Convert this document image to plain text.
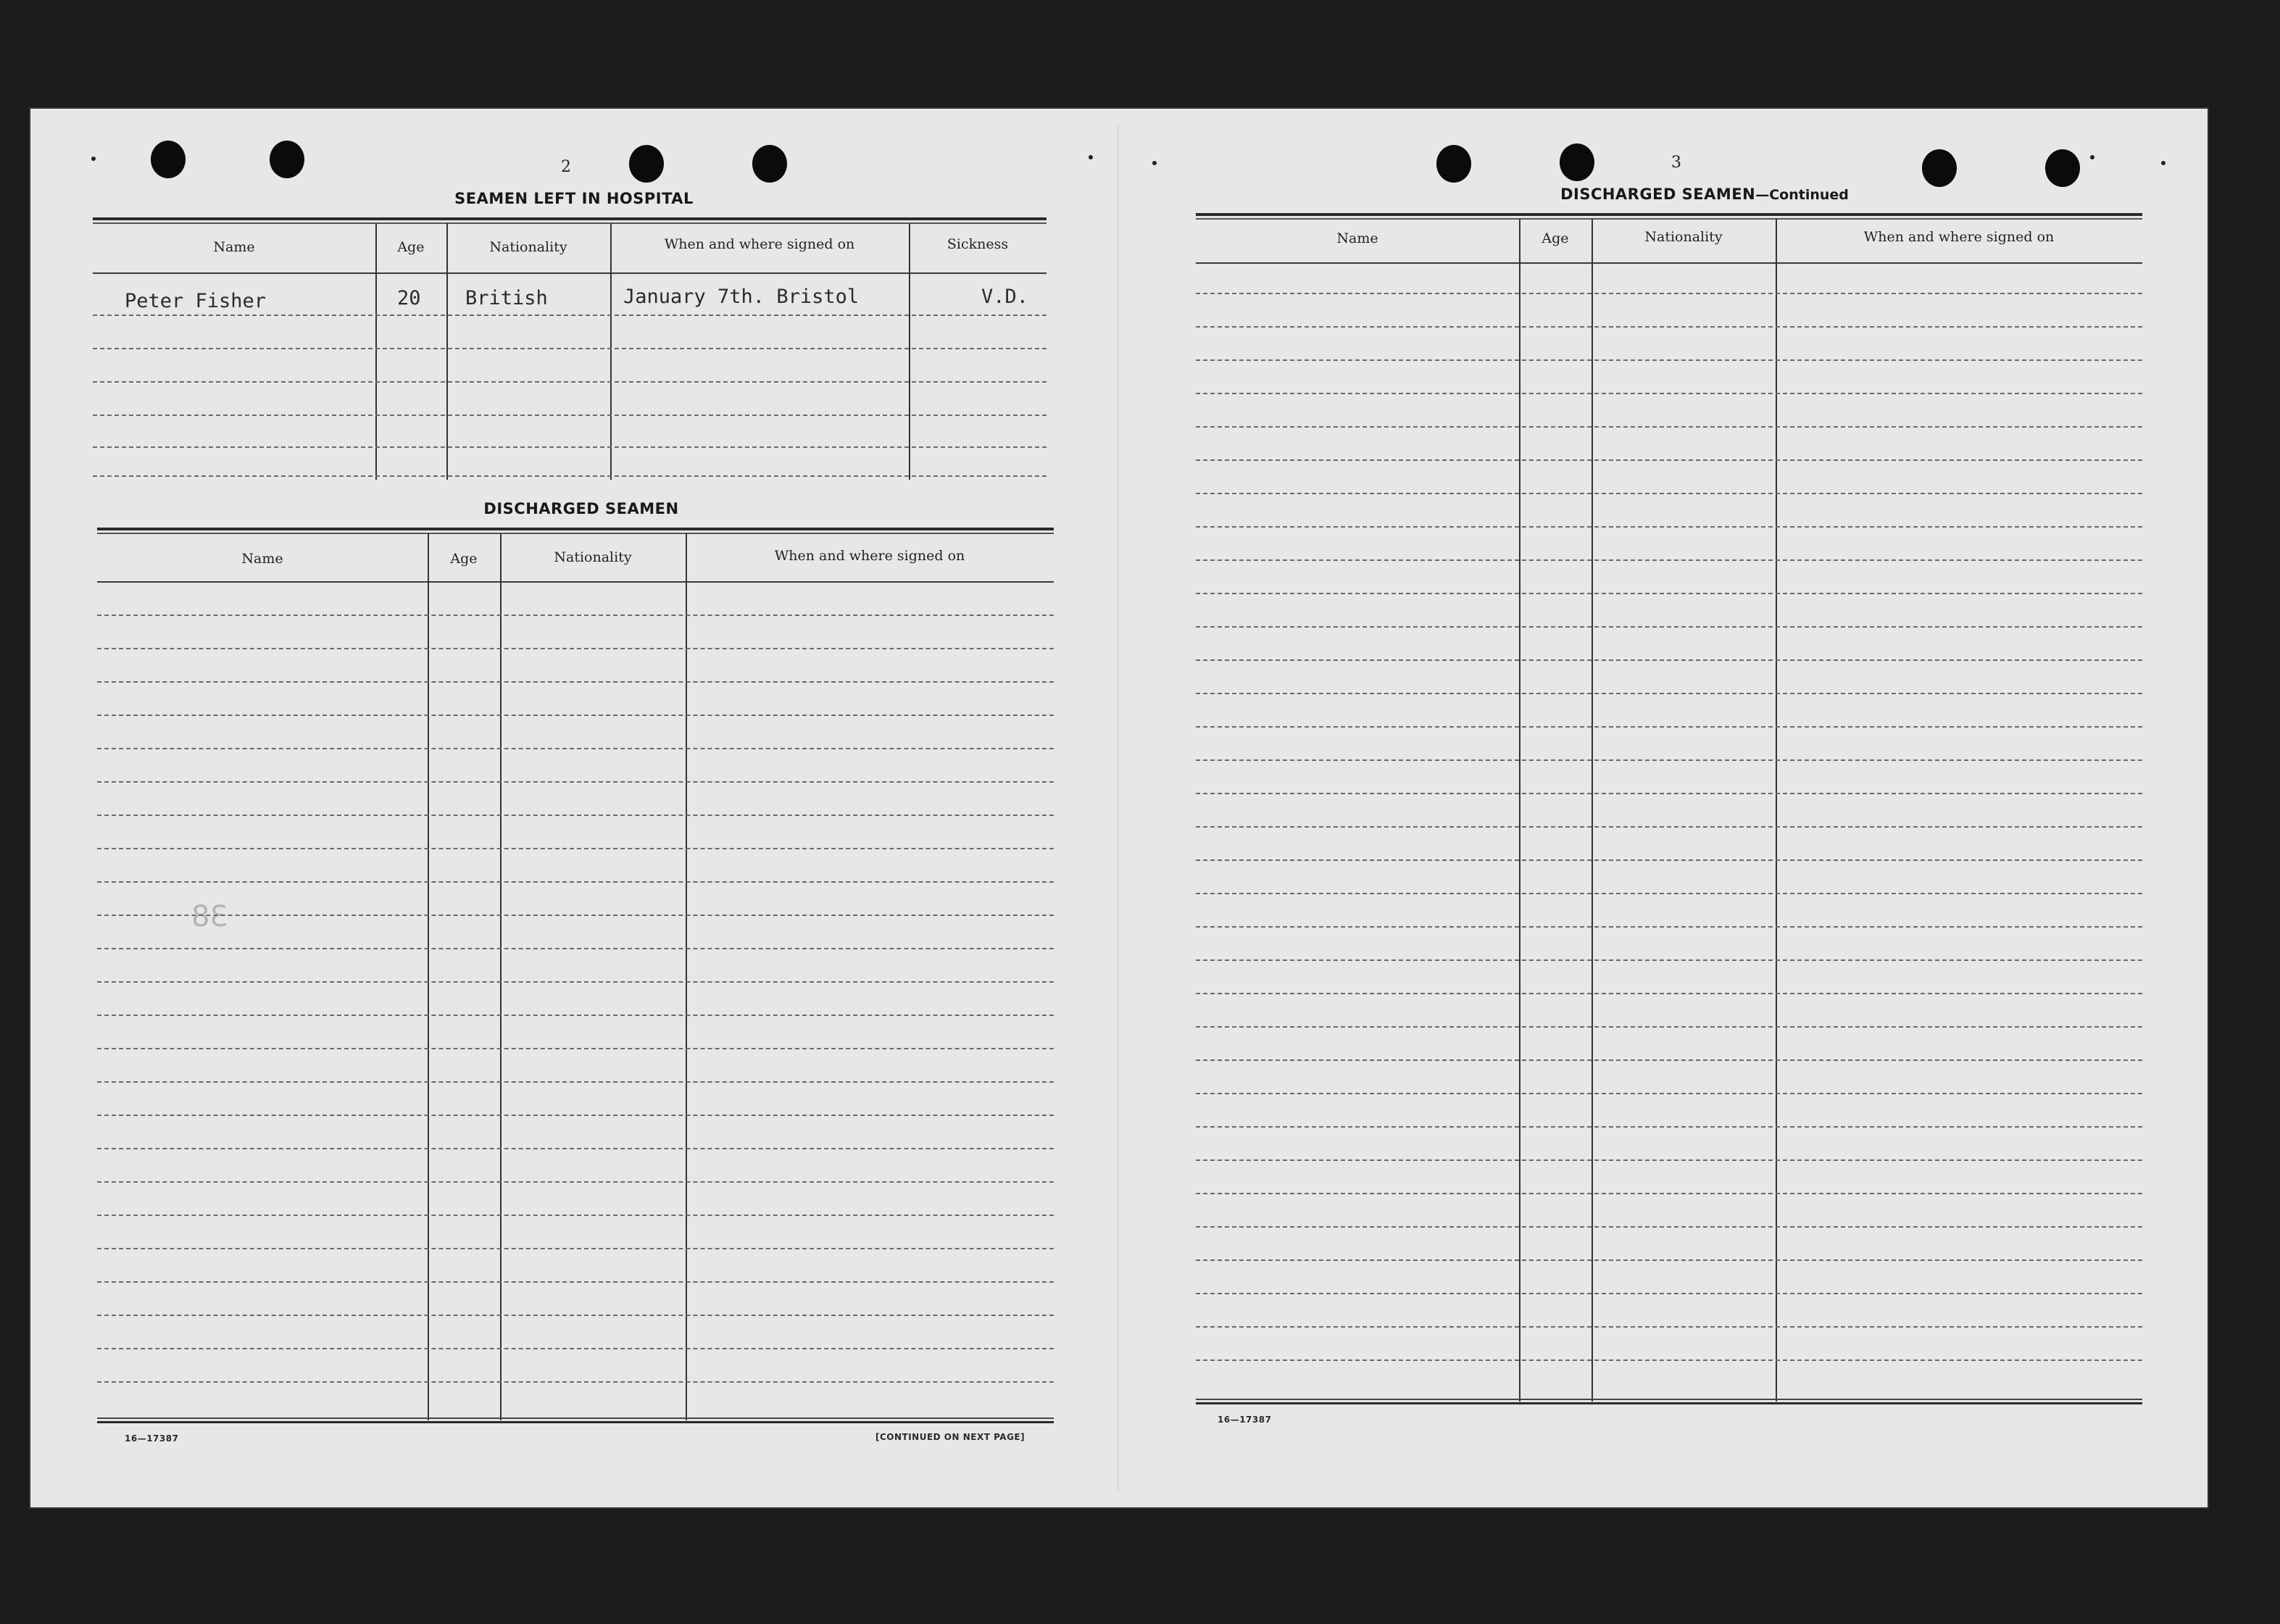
2
SEAMEN LEFT IN HOSPITAL
Name	Age	Nationality	When and where signed on	Sickness
Peter Fisher	20 British	January 7th. Bristol	V.D.
DISCHARGED SEAMEN
Name	Age	Nationality	When and where signed on
38
16—17387	[CONTINUED ON NEXT PAGE]
3
DISCHARGED SEAMEN—Continued
Name	Age	Nationality	When and where signed on
16—17387
